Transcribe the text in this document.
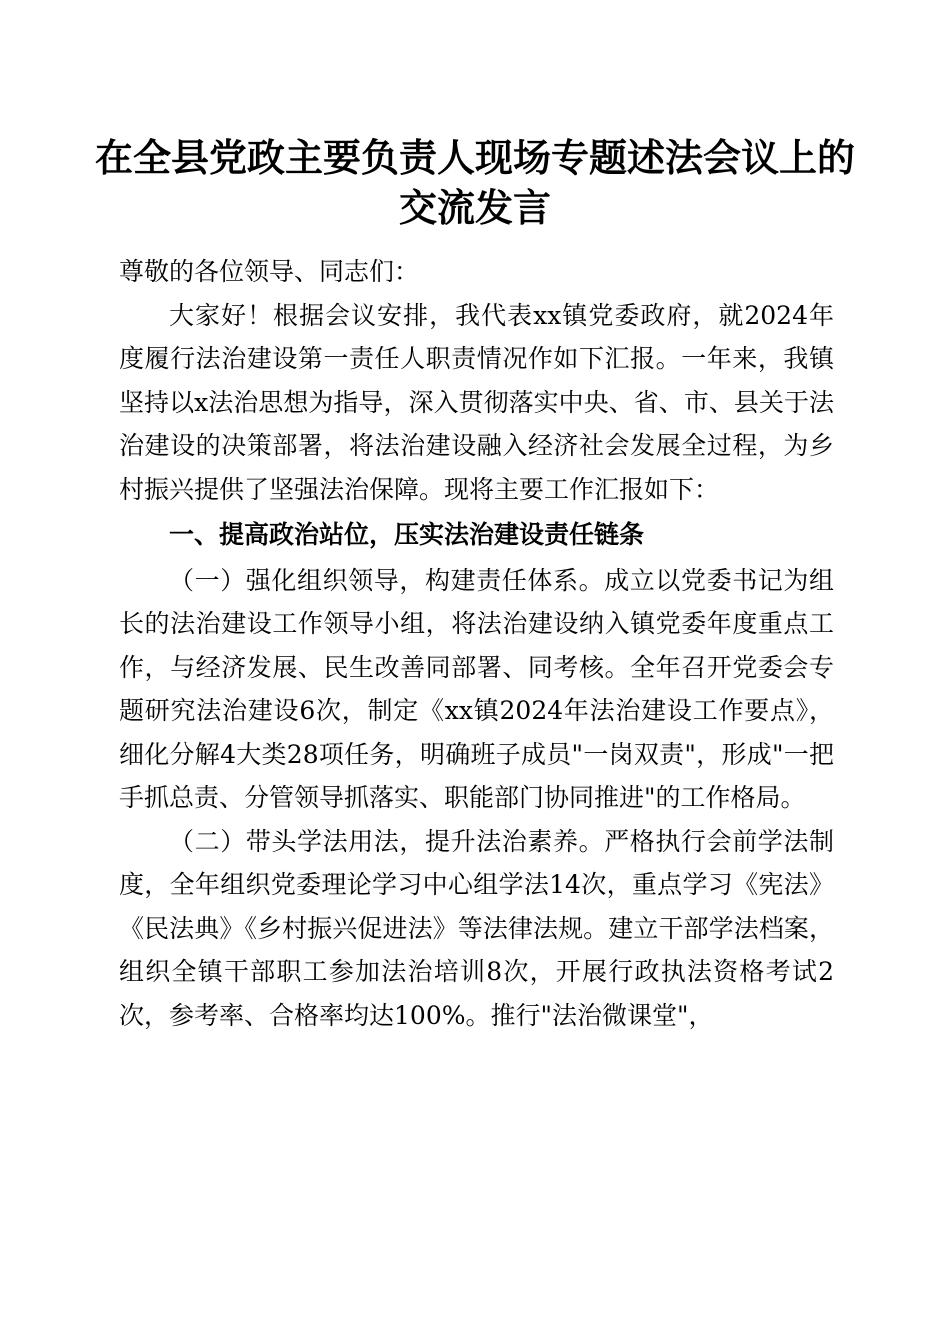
在全县党政主要负责人现场专题述法会议上的
交流发言

尊敬的各位领导、同志们：

大家好！根据会议安排，我代表xx镇党委政府，就2024年度履行法治建设第一责任人职责情况作如下汇报。一年来，我镇坚持以x法治思想为指导，深入贯彻落实中央、省、市、县关于法治建设的决策部署，将法治建设融入经济社会发展全过程，为乡村振兴提供了坚强法治保障。现将主要工作汇报如下：

一、提高政治站位，压实法治建设责任链条

（一）强化组织领导，构建责任体系。成立以党委书记为组长的法治建设工作领导小组，将法治建设纳入镇党委年度重点工作，与经济发展、民生改善同部署、同考核。全年召开党委会专题研究法治建设6次，制定《xx镇2024年法治建设工作要点》，细化分解4大类28项任务，明确班子成员"一岗双责"，形成"一把手抓总责、分管领导抓落实、职能部门协同推进"的工作格局。

（二）带头学法用法，提升法治素养。严格执行会前学法制度，全年组织党委理论学习中心组学法14次，重点学习《宪法》《民法典》《乡村振兴促进法》等法律法规。建立干部学法档案，组织全镇干部职工参加法治培训8次，开展行政执法资格考试2次，参考率、合格率均达100%。推行"法治微课堂"，
